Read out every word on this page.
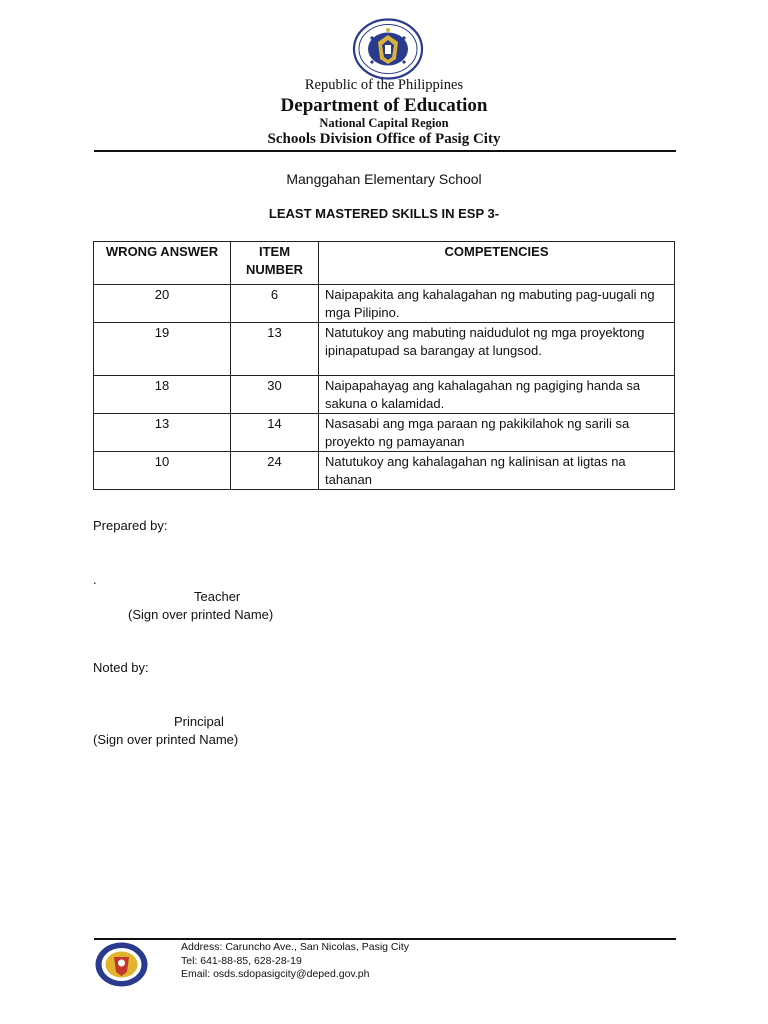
Republic of the Philippines
Department of Education
National Capital Region
Schools Division Office of Pasig City
Manggahan Elementary School
LEAST MASTERED SKILLS IN ESP 3-
WRONG ANSWER	ITEM NUMBER	COMPETENCIES
20	6	Naipapakita ang kahalagahan ng mabuting pag-uugali ng mga Pilipino.
19	13	Natutukoy ang mabuting naidudulot ng mga proyektong ipinapatupad sa barangay at lungsod.
18	30	Naipapahayag ang kahalagahan ng pagiging handa sa sakuna o kalamidad.
13	14	Nasasabi ang mga paraan ng pakikilahok ng sarili sa proyekto ng pamayanan
10	24	Natutukoy ang kahalagahan ng kalinisan at ligtas na tahanan
Prepared by:
.
Teacher
(Sign over printed Name)
Noted by:
Principal
(Sign over printed Name)
Address: Caruncho Ave., San Nicolas, Pasig City
Tel: 641-88-85, 628-28-19
Email: osds.sdopasigcity@deped.gov.ph
